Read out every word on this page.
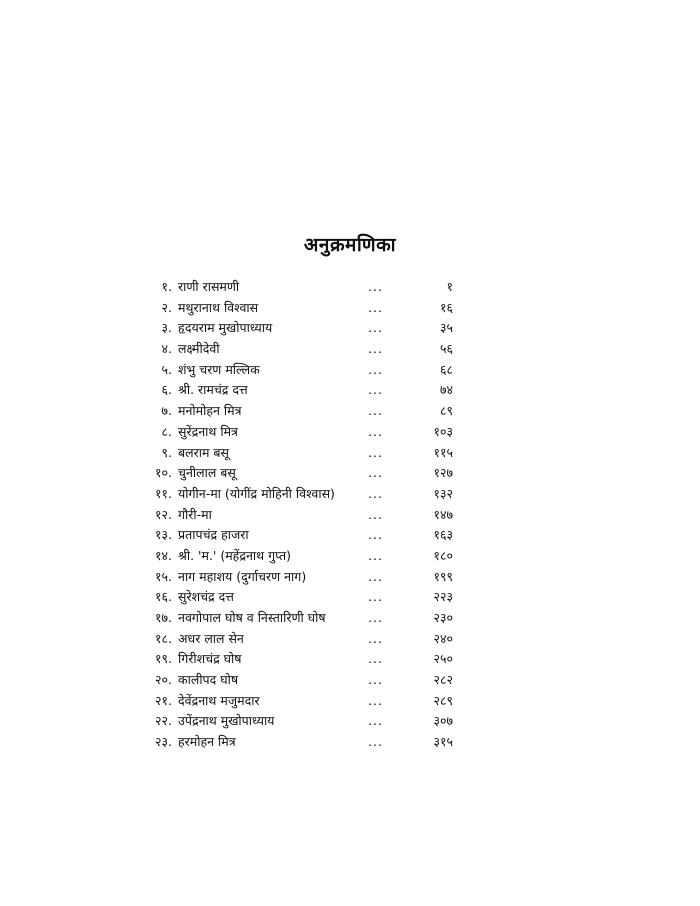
अनुक्रमणिका
१. राणी रासमणी	...	१
२. मथुरानाथ विश्वास	...	१६
३. हृदयराम मुखोपाध्याय	...	३५
४. लक्ष्मीदेवी	...	५६
५. शंभु चरण मल्लिक	...	६८
६. श्री. रामचंद्र दत्त	...	७४
७. मनोमोहन मित्र	...	८९
८. सुरेंद्रनाथ मित्र	...	१०३
९. बलराम बसू	...	११५
१०. चुनीलाल बसू	...	१२७
११. योगीन-मा (योगींद्र मोहिनी विश्वास)	...	१३२
१२. गौरी-मा	...	१४७
१३. प्रतापचंद्र हाजरा	...	१६३
१४. श्री. 'म.' (महेंद्रनाथ गुप्त)	...	१८०
१५. नाग महाशय (दुर्गाचरण नाग)	...	१९९
१६. सुरेशचंद्र दत्त	...	२२३
१७. नवगोपाल घोष व निस्तारिणी घोष	...	२३०
१८. अधर लाल सेन	...	२४०
१९. गिरीशचंद्र घोष	...	२५०
२०. कालीपद घोष	...	२८२
२१. देवेंद्रनाथ मजुमदार	...	२८९
२२. उपेंद्रनाथ मुखोपाध्याय	...	३०७
२३. हरमोहन मित्र	...	३१५
